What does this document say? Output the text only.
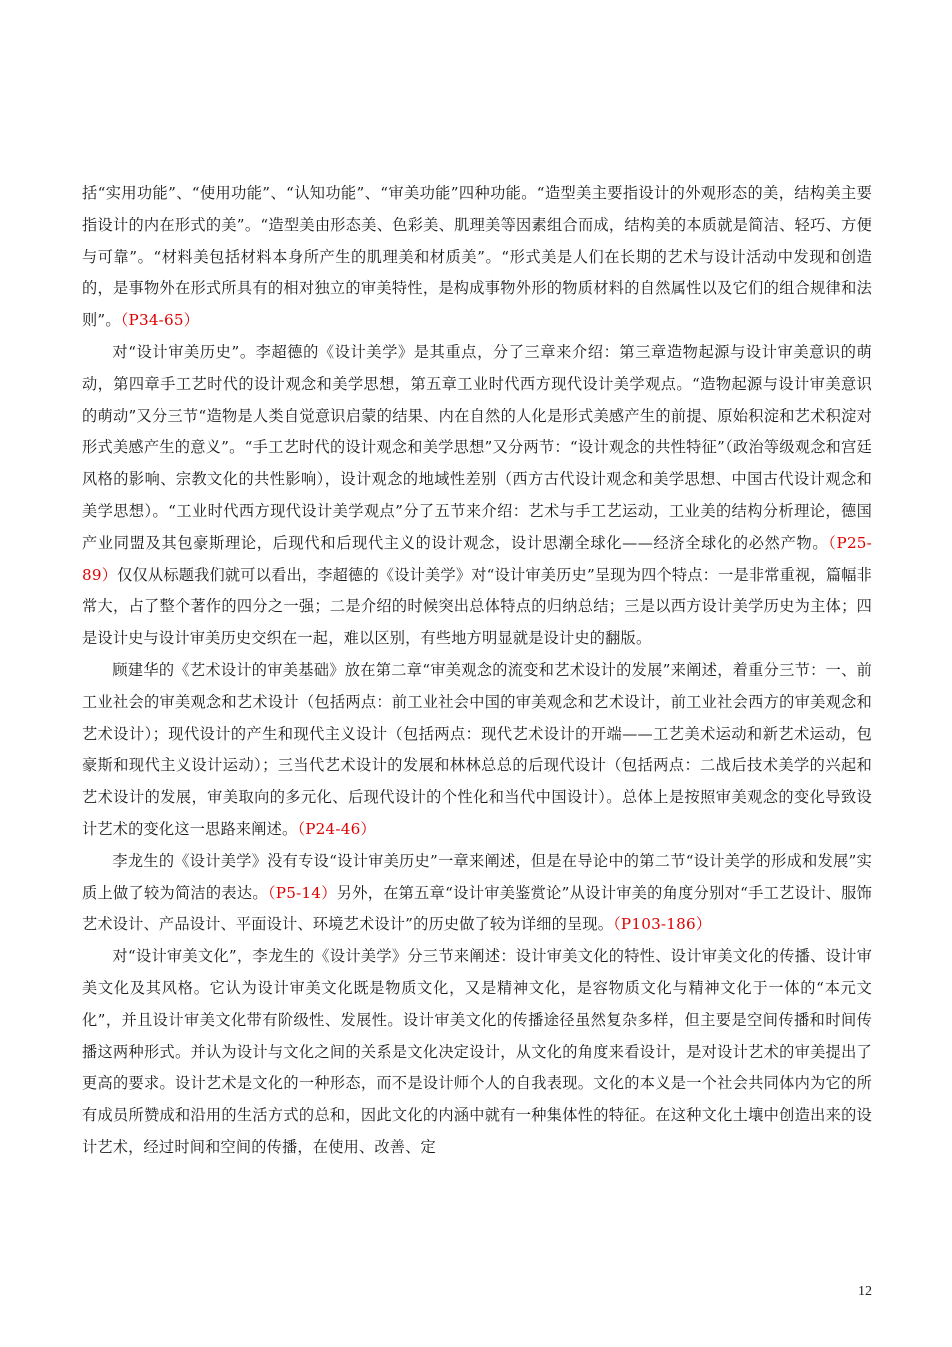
括“实用功能”、“使用功能”、“认知功能”、“审美功能”四种功能。“造型美主要指设计的外观形态的美，结构美主要指设计的内在形式的美”。“造型美由形态美、色彩美、肌理美等因素组合而成，结构美的本质就是简洁、轻巧、方便与可靠”。“材料美包括材料本身所产生的肌理美和材质美”。“形式美是人们在长期的艺术与设计活动中发现和创造的，是事物外在形式所具有的相对独立的审美特性，是构成事物外形的物质材料的自然属性以及它们的组合规律和法则”。（P34-65）

对“设计审美历史”。李超德的《设计美学》是其重点，分了三章来介绍：第三章造物起源与设计审美意识的萌动，第四章手工艺时代的设计观念和美学思想，第五章工业时代西方现代设计美学观点。“造物起源与设计审美意识的萌动”又分三节“造物是人类自觉意识启蒙的结果、内在自然的人化是形式美感产生的前提、原始积淀和艺术积淀对形式美感产生的意义”。“手工艺时代的设计观念和美学思想”又分两节：“设计观念的共性特征”（政治等级观念和宫廷风格的影响、宗教文化的共性影响），设计观念的地域性差别（西方古代设计观念和美学思想、中国古代设计观念和美学思想）。“工业时代西方现代设计美学观点”分了五节来介绍：艺术与手工艺运动，工业美的结构分析理论，德国产业同盟及其包豪斯理论，后现代和后现代主义的设计观念，设计思潮全球化——经济全球化的必然产物。（P25-89）仅仅从标题我们就可以看出，李超德的《设计美学》对“设计审美历史”呈现为四个特点：一是非常重视，篇幅非常大，占了整个著作的四分之一强；二是介绍的时候突出总体特点的归纳总结；三是以西方设计美学历史为主体；四是设计史与设计审美历史交织在一起，难以区别，有些地方明显就是设计史的翻版。

顾建华的《艺术设计的审美基础》放在第二章“审美观念的流变和艺术设计的发展”来阐述，着重分三节：一、前工业社会的审美观念和艺术设计（包括两点：前工业社会中国的审美观念和艺术设计，前工业社会西方的审美观念和艺术设计）；现代设计的产生和现代主义设计（包括两点：现代艺术设计的开端——工艺美术运动和新艺术运动，包豪斯和现代主义设计运动）；三当代艺术设计的发展和林林总总的后现代设计（包括两点：二战后技术美学的兴起和艺术设计的发展，审美取向的多元化、后现代设计的个性化和当代中国设计）。总体上是按照审美观念的变化导致设计艺术的变化这一思路来阐述。（P24-46）

李龙生的《设计美学》没有专设“设计审美历史”一章来阐述，但是在导论中的第二节“设计美学的形成和发展”实质上做了较为简洁的表达。（P5-14）另外，在第五章“设计审美鉴赏论”从设计审美的角度分别对“手工艺设计、服饰艺术设计、产品设计、平面设计、环境艺术设计”的历史做了较为详细的呈现。（P103-186）

对“设计审美文化”，李龙生的《设计美学》分三节来阐述：设计审美文化的特性、设计审美文化的传播、设计审美文化及其风格。它认为设计审美文化既是物质文化，又是精神文化，是容物质文化与精神文化于一体的“本元文化”，并且设计审美文化带有阶级性、发展性。设计审美文化的传播途径虽然复杂多样，但主要是空间传播和时间传播这两种形式。并认为设计与文化之间的关系是文化决定设计，从文化的角度来看设计，是对设计艺术的审美提出了更高的要求。设计艺术是文化的一种形态，而不是设计师个人的自我表现。文化的本义是一个社会共同体内为它的所有成员所赞成和沿用的生活方式的总和，因此文化的内涵中就有一种集体性的特征。在这种文化土壤中创造出来的设计艺术，经过时间和空间的传播，在使用、改善、定

12
